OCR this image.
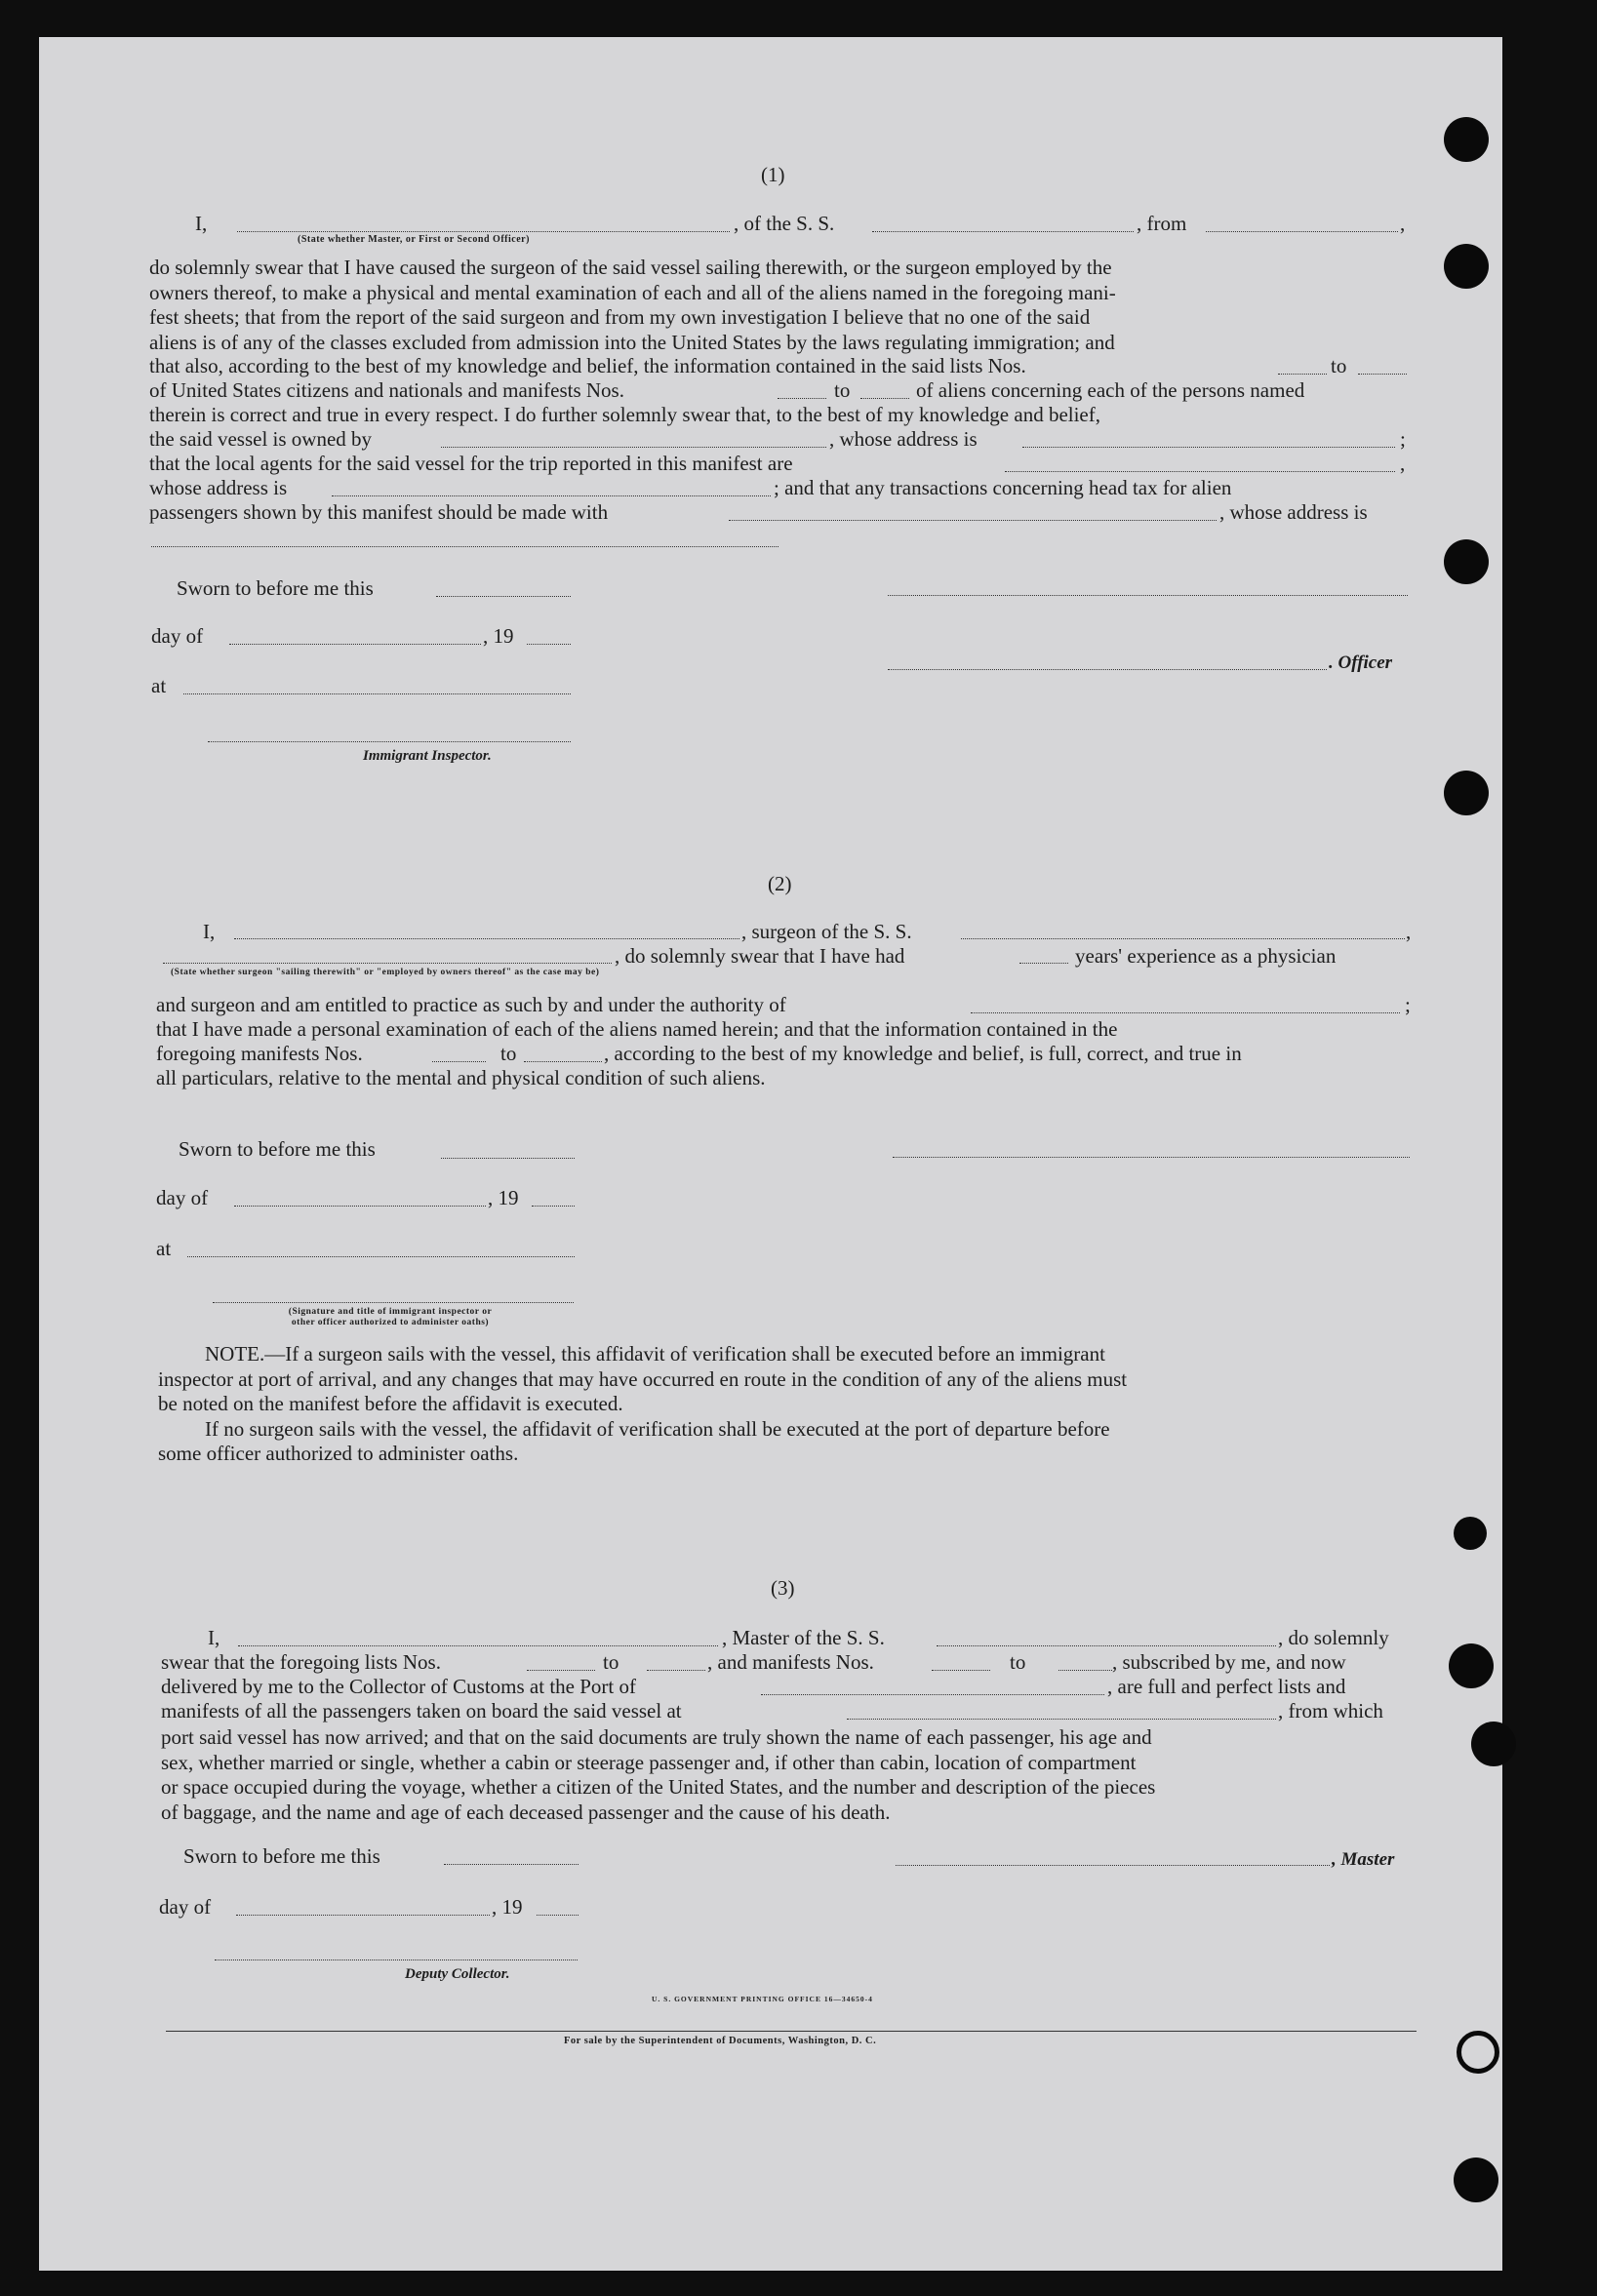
(1)
I,	, of the S. S.	, from	,
(State whether Master, or First or Second Officer)
do solemnly swear that I have caused the surgeon of the said vessel sailing therewith, or the surgeon employed by the
owners thereof, to make a physical and mental examination of each and all of the aliens named in the foregoing mani-
fest sheets; that from the report of the said surgeon and from my own investigation I believe that no one of the said
aliens is of any of the classes excluded from admission into the United States by the laws regulating immigration; and
that also, according to the best of my knowledge and belief, the information contained in the said lists Nos.	to
of United States citizens and nationals and manifests Nos.	to	of aliens concerning each of the persons named
therein is correct and true in every respect. I do further solemnly swear that, to the best of my knowledge and belief,
the said vessel is owned by	, whose address is	;
that the local agents for the said vessel for the trip reported in this manifest are	,
whose address is	; and that any transactions concerning head tax for alien
passengers shown by this manifest should be made with	, whose address is
Sworn to before me this
day of	, 19
. Officer
at
Immigrant Inspector.
(2)
I,	, surgeon of the S. S.	,
, do solemnly swear that I have had	years' experience as a physician
(State whether surgeon "sailing therewith" or "employed by owners thereof" as the case may be)
and surgeon and am entitled to practice as such by and under the authority of	;
that I have made a personal examination of each of the aliens named herein; and that the information contained in the
foregoing manifests Nos.	to	, according to the best of my knowledge and belief, is full, correct, and true in
all particulars, relative to the mental and physical condition of such aliens.
Sworn to before me this
day of	, 19
at
(Signature and title of immigrant inspector or
other officer authorized to administer oaths)
NOTE.—If a surgeon sails with the vessel, this affidavit of verification shall be executed before an immigrant
inspector at port of arrival, and any changes that may have occurred en route in the condition of any of the aliens must
be noted on the manifest before the affidavit is executed.
If no surgeon sails with the vessel, the affidavit of verification shall be executed at the port of departure before
some officer authorized to administer oaths.
(3)
I,	, Master of the S. S.	, do solemnly
swear that the foregoing lists Nos.	to	, and manifests Nos.	to	, subscribed by me, and now
delivered by me to the Collector of Customs at the Port of	, are full and perfect lists and
manifests of all the passengers taken on board the said vessel at	, from which
port said vessel has now arrived; and that on the said documents are truly shown the name of each passenger, his age and
sex, whether married or single, whether a cabin or steerage passenger and, if other than cabin, location of compartment
or space occupied during the voyage, whether a citizen of the United States, and the number and description of the pieces
of baggage, and the name and age of each deceased passenger and the cause of his death.
Sworn to before me this	, Master
day of	, 19
Deputy Collector.
U. S. GOVERNMENT PRINTING OFFICE 16—34650-4
For sale by the Superintendent of Documents, Washington, D. C.
